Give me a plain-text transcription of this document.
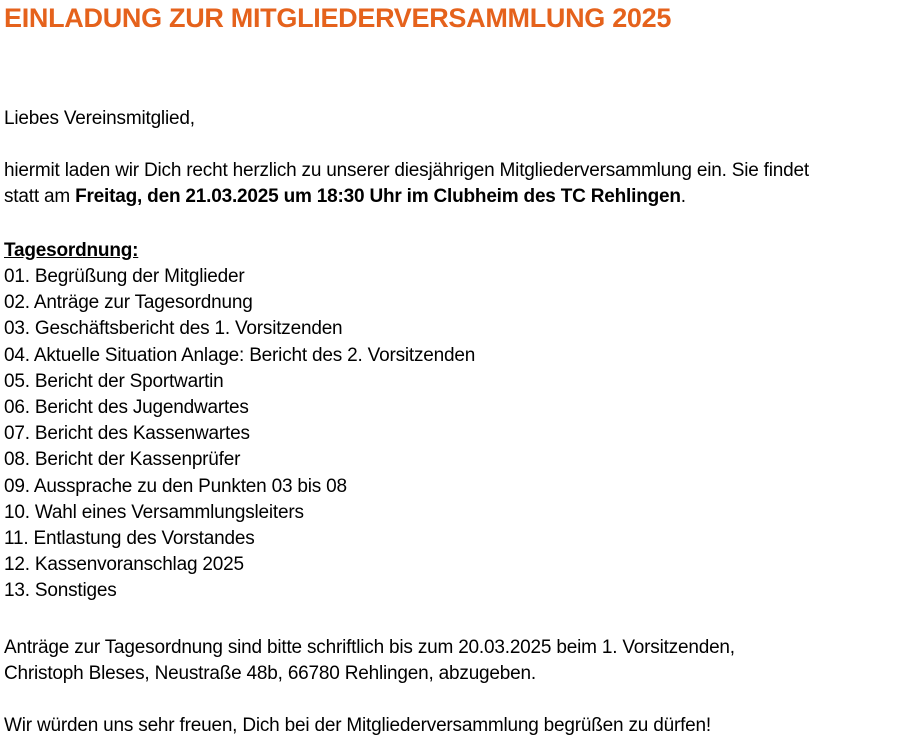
EINLADUNG ZUR MITGLIEDERVERSAMMLUNG 2025
Liebes Vereinsmitglied,
hiermit laden wir Dich recht herzlich zu unserer diesjährigen Mitgliederversammlung ein. Sie findet
statt am Freitag, den 21.03.2025 um 18:30 Uhr im Clubheim des TC Rehlingen.
Tagesordnung:
01. Begrüßung der Mitglieder
02. Anträge zur Tagesordnung
03. Geschäftsbericht des 1. Vorsitzenden
04. Aktuelle Situation Anlage: Bericht des 2. Vorsitzenden
05. Bericht der Sportwartin
06. Bericht des Jugendwartes
07. Bericht des Kassenwartes
08. Bericht der Kassenprüfer
09. Aussprache zu den Punkten 03 bis 08
10. Wahl eines Versammlungsleiters
11. Entlastung des Vorstandes
12. Kassenvoranschlag 2025
13. Sonstiges
Anträge zur Tagesordnung sind bitte schriftlich bis zum 20.03.2025 beim 1. Vorsitzenden,
Christoph Bleses, Neustraße 48b, 66780 Rehlingen, abzugeben.
Wir würden uns sehr freuen, Dich bei der Mitgliederversammlung begrüßen zu dürfen!
